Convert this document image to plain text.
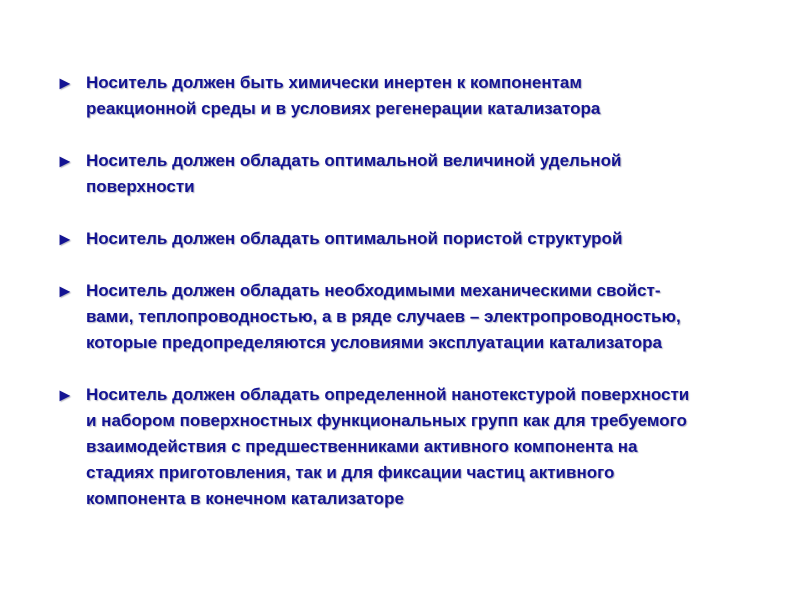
► Носитель должен быть химически инертен к компонентам
реакционной среды и в условиях регенерации катализатора
► Носитель должен обладать оптимальной величиной удельной
поверхности
► Носитель должен обладать оптимальной пористой структурой
► Носитель должен обладать необходимыми механическими свойст-
вами, теплопроводностью, а в ряде случаев – электропроводностью,
которые предопределяются условиями эксплуатации катализатора
► Носитель должен обладать определенной нанотекстурой поверхности
и набором поверхностных функциональных групп как для требуемого
взаимодействия с предшественниками активного компонента на
стадиях приготовления, так и для фиксации частиц активного
компонента в конечном катализаторе
